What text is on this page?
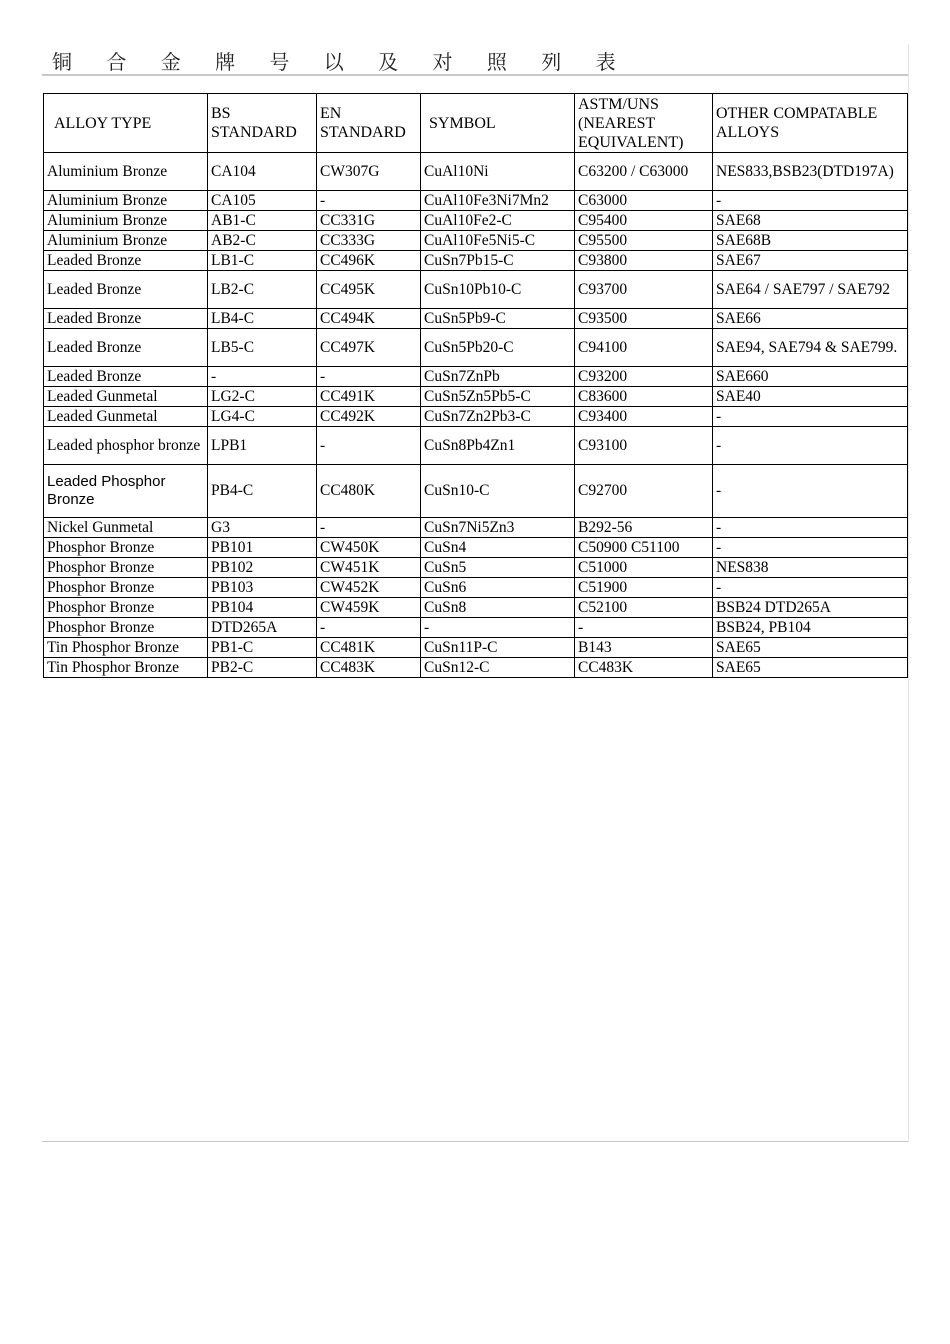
铜 合 金 牌 号 以 及 对 照 列 表
ALLOY TYPE	BS STANDARD	EN STANDARD	SYMBOL	ASTM/UNS (NEAREST EQUIVALENT)	OTHER COMPATABLE ALLOYS
Aluminium Bronze	CA104	CW307G	CuAl10Ni	C63200 / C63000	NES833,BSB23(DTD197A)
Aluminium Bronze	CA105	-	CuAl10Fe3Ni7Mn2	C63000	-
Aluminium Bronze	AB1-C	CC331G	CuAl10Fe2-C	C95400	SAE68
Aluminium Bronze	AB2-C	CC333G	CuAl10Fe5Ni5-C	C95500	SAE68B
Leaded Bronze	LB1-C	CC496K	CuSn7Pb15-C	C93800	SAE67
Leaded Bronze	LB2-C	CC495K	CuSn10Pb10-C	C93700	SAE64 / SAE797 / SAE792
Leaded Bronze	LB4-C	CC494K	CuSn5Pb9-C	C93500	SAE66
Leaded Bronze	LB5-C	CC497K	CuSn5Pb20-C	C94100	SAE94, SAE794 & SAE799.
Leaded Bronze	-	-	CuSn7ZnPb	C93200	SAE660
Leaded Gunmetal	LG2-C	CC491K	CuSn5Zn5Pb5-C	C83600	SAE40
Leaded Gunmetal	LG4-C	CC492K	CuSn7Zn2Pb3-C	C93400	-
Leaded phosphor bronze	LPB1	-	CuSn8Pb4Zn1	C93100	-
Leaded Phosphor Bronze	PB4-C	CC480K	CuSn10-C	C92700	-
Nickel Gunmetal	G3	-	CuSn7Ni5Zn3	B292-56	-
Phosphor Bronze	PB101	CW450K	CuSn4	C50900 C51100	-
Phosphor Bronze	PB102	CW451K	CuSn5	C51000	NES838
Phosphor Bronze	PB103	CW452K	CuSn6	C51900	-
Phosphor Bronze	PB104	CW459K	CuSn8	C52100	BSB24 DTD265A
Phosphor Bronze	DTD265A	-	-	-	BSB24, PB104
Tin Phosphor Bronze	PB1-C	CC481K	CuSn11P-C	B143	SAE65
Tin Phosphor Bronze	PB2-C	CC483K	CuSn12-C	CC483K	SAE65
